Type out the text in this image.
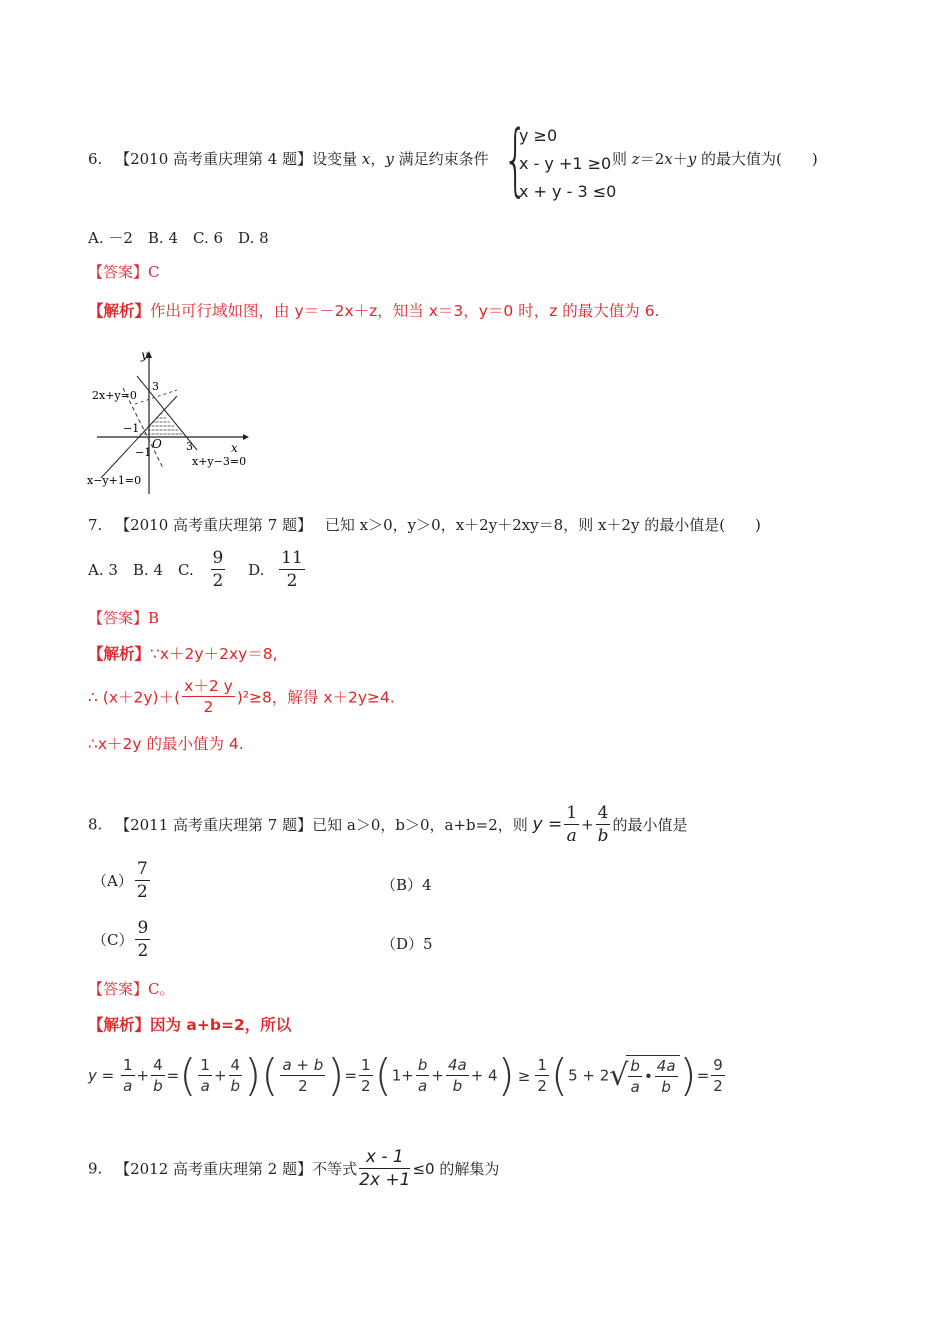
6. 【2010 高考重庆理第 4 题】设变量 x，y 满足约束条件 {
y ≥0
x - y +1 ≥0
x + y - 3 ≤0
则 z＝2x＋y 的最大值为(　　)
A. －2　B. 4　C. 6　D. 8
【答案】C
【解析】作出可行域如图，由 y＝－2x＋z，知当 x＝3，y＝0 时，z 的最大值为 6.
y
x
3
2x+y=0
−1
O
−1	3
x+y−3=0
x−y+1=0
7. 【2010 高考重庆理第 7 题】 已知 x＞0，y＞0，x＋2y＋2xy＝8，则 x＋2y 的最小值是(　　)
A. 3　B. 4　C. $\frac{9}{2} D$. $\frac{11}{2}$
【答案】B
【解析】∵x＋2y＋2xy＝8,
∴ $(x+2y)+( \frac{x+2 y}{2} )^2\ge 8$，解得 x＋2y≥4.
∴x＋2y 的最小值为 4.
8. 【2011 高考重庆理第 7 题】已知 a＞0，b＞0，a+b=2，则 $y = \frac{1}{a} + \frac{4}{b}$ 的最小值是
$(A) \frac{7}{2}$	（B）4
$(C) \frac{9}{2}$	（D）5
【答案】C。
【解析】因为 a+b=2，所以
$y = \frac{1}{a} + \frac{4}{b}$ =( $\frac{1}{a} + \frac{4}{b}$ )( $\frac{a + b}{2}$ )= $\frac{1}{2} (1+ \frac{b}{a} + \frac{4a}{b} + 4) \ge \frac{1}{2} (5 + 2√ \frac{b}{a}$ • $\frac{4a}{b}$ )= $\frac{9}{2}$
9. 【2012 高考重庆理第 2 题】不等式 $\frac{x - 1}{2x +1} \le 0$ 的解集为
